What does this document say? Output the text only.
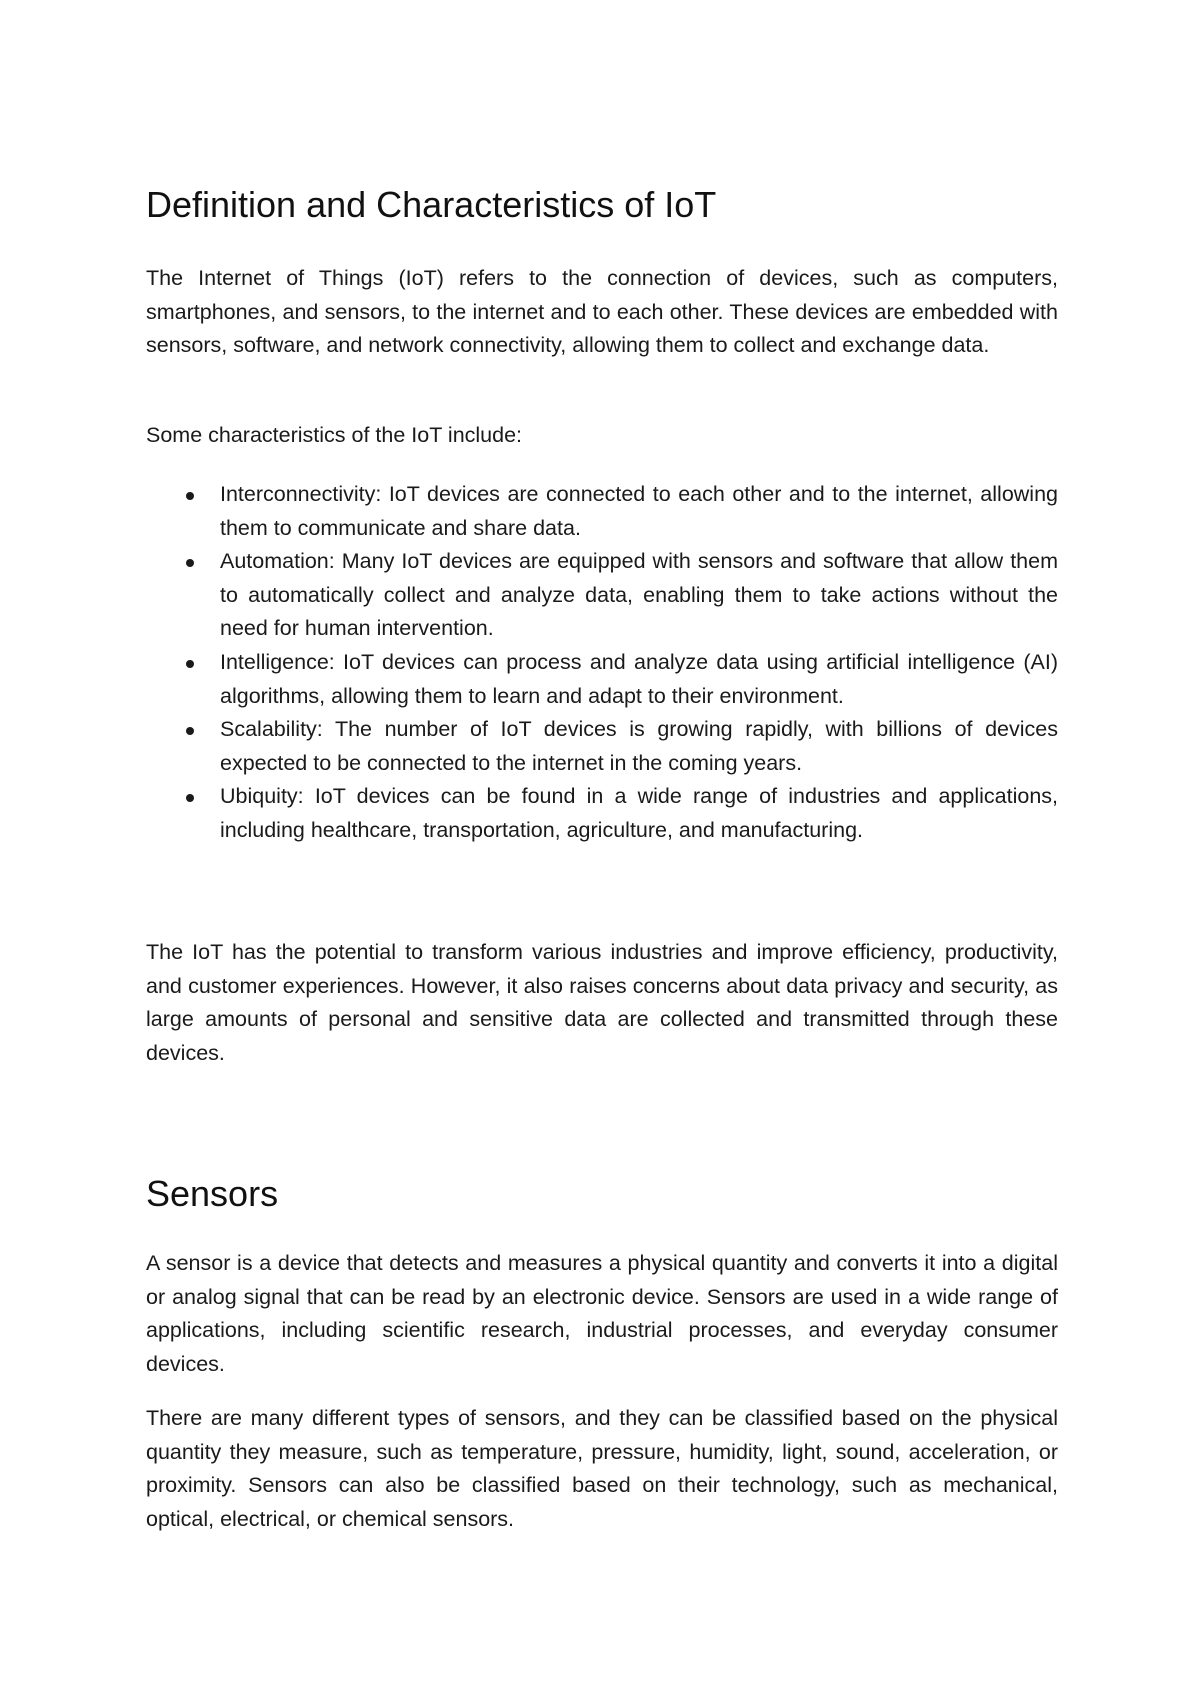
Definition and Characteristics of IoT

The Internet of Things (IoT) refers to the connection of devices, such as computers, smartphones, and sensors, to the internet and to each other. These devices are embedded with sensors, software, and network connectivity, allowing them to collect and exchange data.

Some characteristics of the IoT include:

Interconnectivity: IoT devices are connected to each other and to the internet, allowing them to communicate and share data.
Automation: Many IoT devices are equipped with sensors and software that allow them to automatically collect and analyze data, enabling them to take actions without the need for human intervention.
Intelligence: IoT devices can process and analyze data using artificial intelligence (AI) algorithms, allowing them to learn and adapt to their environment.
Scalability: The number of IoT devices is growing rapidly, with billions of devices expected to be connected to the internet in the coming years.
Ubiquity: IoT devices can be found in a wide range of industries and applications, including healthcare, transportation, agriculture, and manufacturing.

The IoT has the potential to transform various industries and improve efficiency, productivity, and customer experiences. However, it also raises concerns about data privacy and security, as large amounts of personal and sensitive data are collected and transmitted through these devices.

Sensors

A sensor is a device that detects and measures a physical quantity and converts it into a digital or analog signal that can be read by an electronic device. Sensors are used in a wide range of applications, including scientific research, industrial processes, and everyday consumer devices.

There are many different types of sensors, and they can be classified based on the physical quantity they measure, such as temperature, pressure, humidity, light, sound, acceleration, or proximity. Sensors can also be classified based on their technology, such as mechanical, optical, electrical, or chemical sensors.
